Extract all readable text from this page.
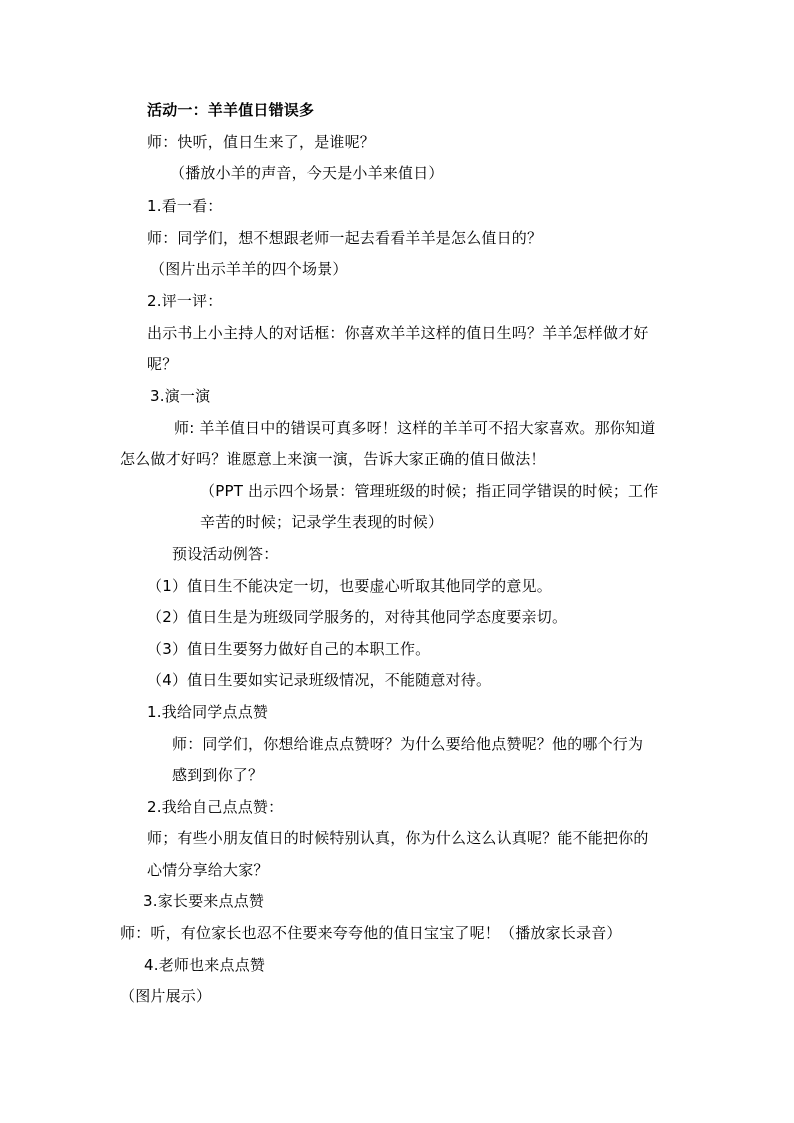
活动一：羊羊值日错误多
师：快听，值日生来了，是谁呢？
（播放小羊的声音，今天是小羊来值日）
1.看一看：
师：同学们，想不想跟老师一起去看看羊羊是怎么值日的？
（图片出示羊羊的四个场景）
2.评一评：
出示书上小主持人的对话框：你喜欢羊羊这样的值日生吗？羊羊怎样做才好
呢？
3.演一演
师: 羊羊值日中的错误可真多呀！这样的羊羊可不招大家喜欢。那你知道
怎么做才好吗？谁愿意上来演一演，告诉大家正确的值日做法！
（PPT 出示四个场景：管理班级的时候；指正同学错误的时候；工作
辛苦的时候；记录学生表现的时候）
预设活动例答：
（1）值日生不能决定一切，也要虚心听取其他同学的意见。
（2）值日生是为班级同学服务的，对待其他同学态度要亲切。
（3）值日生要努力做好自己的本职工作。
（4）值日生要如实记录班级情况，不能随意对待。
1.我给同学点点赞
师：同学们，你想给谁点点赞呀？为什么要给他点赞呢？他的哪个行为
感到到你了？
2.我给自己点点赞：
师；有些小朋友值日的时候特别认真，你为什么这么认真呢？能不能把你的
心情分享给大家？
3.家长要来点点赞
师：听，有位家长也忍不住要来夸夸他的值日宝宝了呢！（播放家长录音）
4.老师也来点点赞
（图片展示）
